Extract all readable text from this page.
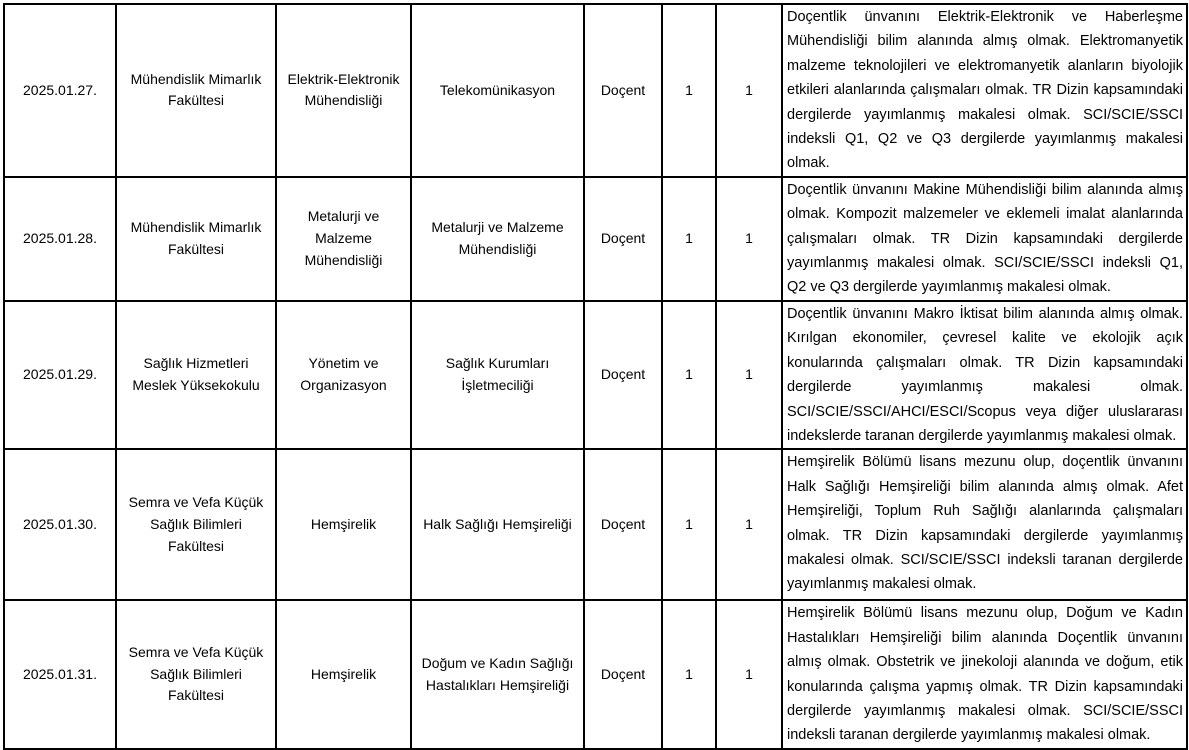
2025.01.27.	Mühendislik Mimarlık Fakültesi	Elektrik-Elektronik Mühendisliği	Telekomünikasyon	Doçent	1	1	Doçentlik ünvanını Elektrik-Elektronik ve Haberleşme Mühendisliği bilim alanında almış olmak. Elektromanyetik malzeme teknolojileri ve elektromanyetik alanların biyolojik etkileri alanlarında çalışmaları olmak. TR Dizin kapsamındaki dergilerde yayımlanmış makalesi olmak. SCI/SCIE/SSCI indeksli Q1, Q2 ve Q3 dergilerde yayımlanmış makalesi olmak.
2025.01.28.	Mühendislik Mimarlık Fakültesi	Metalurji ve Malzeme Mühendisliği	Metalurji ve Malzeme Mühendisliği	Doçent	1	1	Doçentlik ünvanını Makine Mühendisliği bilim alanında almış olmak. Kompozit malzemeler ve eklemeli imalat alanlarında çalışmaları olmak. TR Dizin kapsamındaki dergilerde yayımlanmış makalesi olmak. SCI/SCIE/SSCI indeksli Q1, Q2 ve Q3 dergilerde yayımlanmış makalesi olmak.
2025.01.29.	Sağlık Hizmetleri Meslek Yüksekokulu	Yönetim ve Organizasyon	Sağlık Kurumları İşletmeciliği	Doçent	1	1	Doçentlik ünvanını Makro İktisat bilim alanında almış olmak. Kırılgan ekonomiler, çevresel kalite ve ekolojik açık konularında çalışmaları olmak. TR Dizin kapsamındaki dergilerde yayımlanmış makalesi olmak. SCI/SCIE/SSCI/AHCI/ESCI/Scopus veya diğer uluslararası indekslerde taranan dergilerde yayımlanmış makalesi olmak.
2025.01.30.	Semra ve Vefa Küçük Sağlık Bilimleri Fakültesi	Hemşirelik	Halk Sağlığı Hemşireliği	Doçent	1	1	Hemşirelik Bölümü lisans mezunu olup, doçentlik ünvanını Halk Sağlığı Hemşireliği bilim alanında almış olmak. Afet Hemşireliği, Toplum Ruh Sağlığı alanlarında çalışmaları olmak. TR Dizin kapsamındaki dergilerde yayımlanmış makalesi olmak. SCI/SCIE/SSCI indeksli taranan dergilerde yayımlanmış makalesi olmak.
2025.01.31.	Semra ve Vefa Küçük Sağlık Bilimleri Fakültesi	Hemşirelik	Doğum ve Kadın Sağlığı Hastalıkları Hemşireliği	Doçent	1	1	Hemşirelik Bölümü lisans mezunu olup, Doğum ve Kadın Hastalıkları Hemşireliği bilim alanında Doçentlik ünvanını almış olmak. Obstetrik ve jinekoloji alanında ve doğum, etik konularında çalışma yapmış olmak. TR Dizin kapsamındaki dergilerde yayımlanmış makalesi olmak. SCI/SCIE/SSCI indeksli taranan dergilerde yayımlanmış makalesi olmak.
